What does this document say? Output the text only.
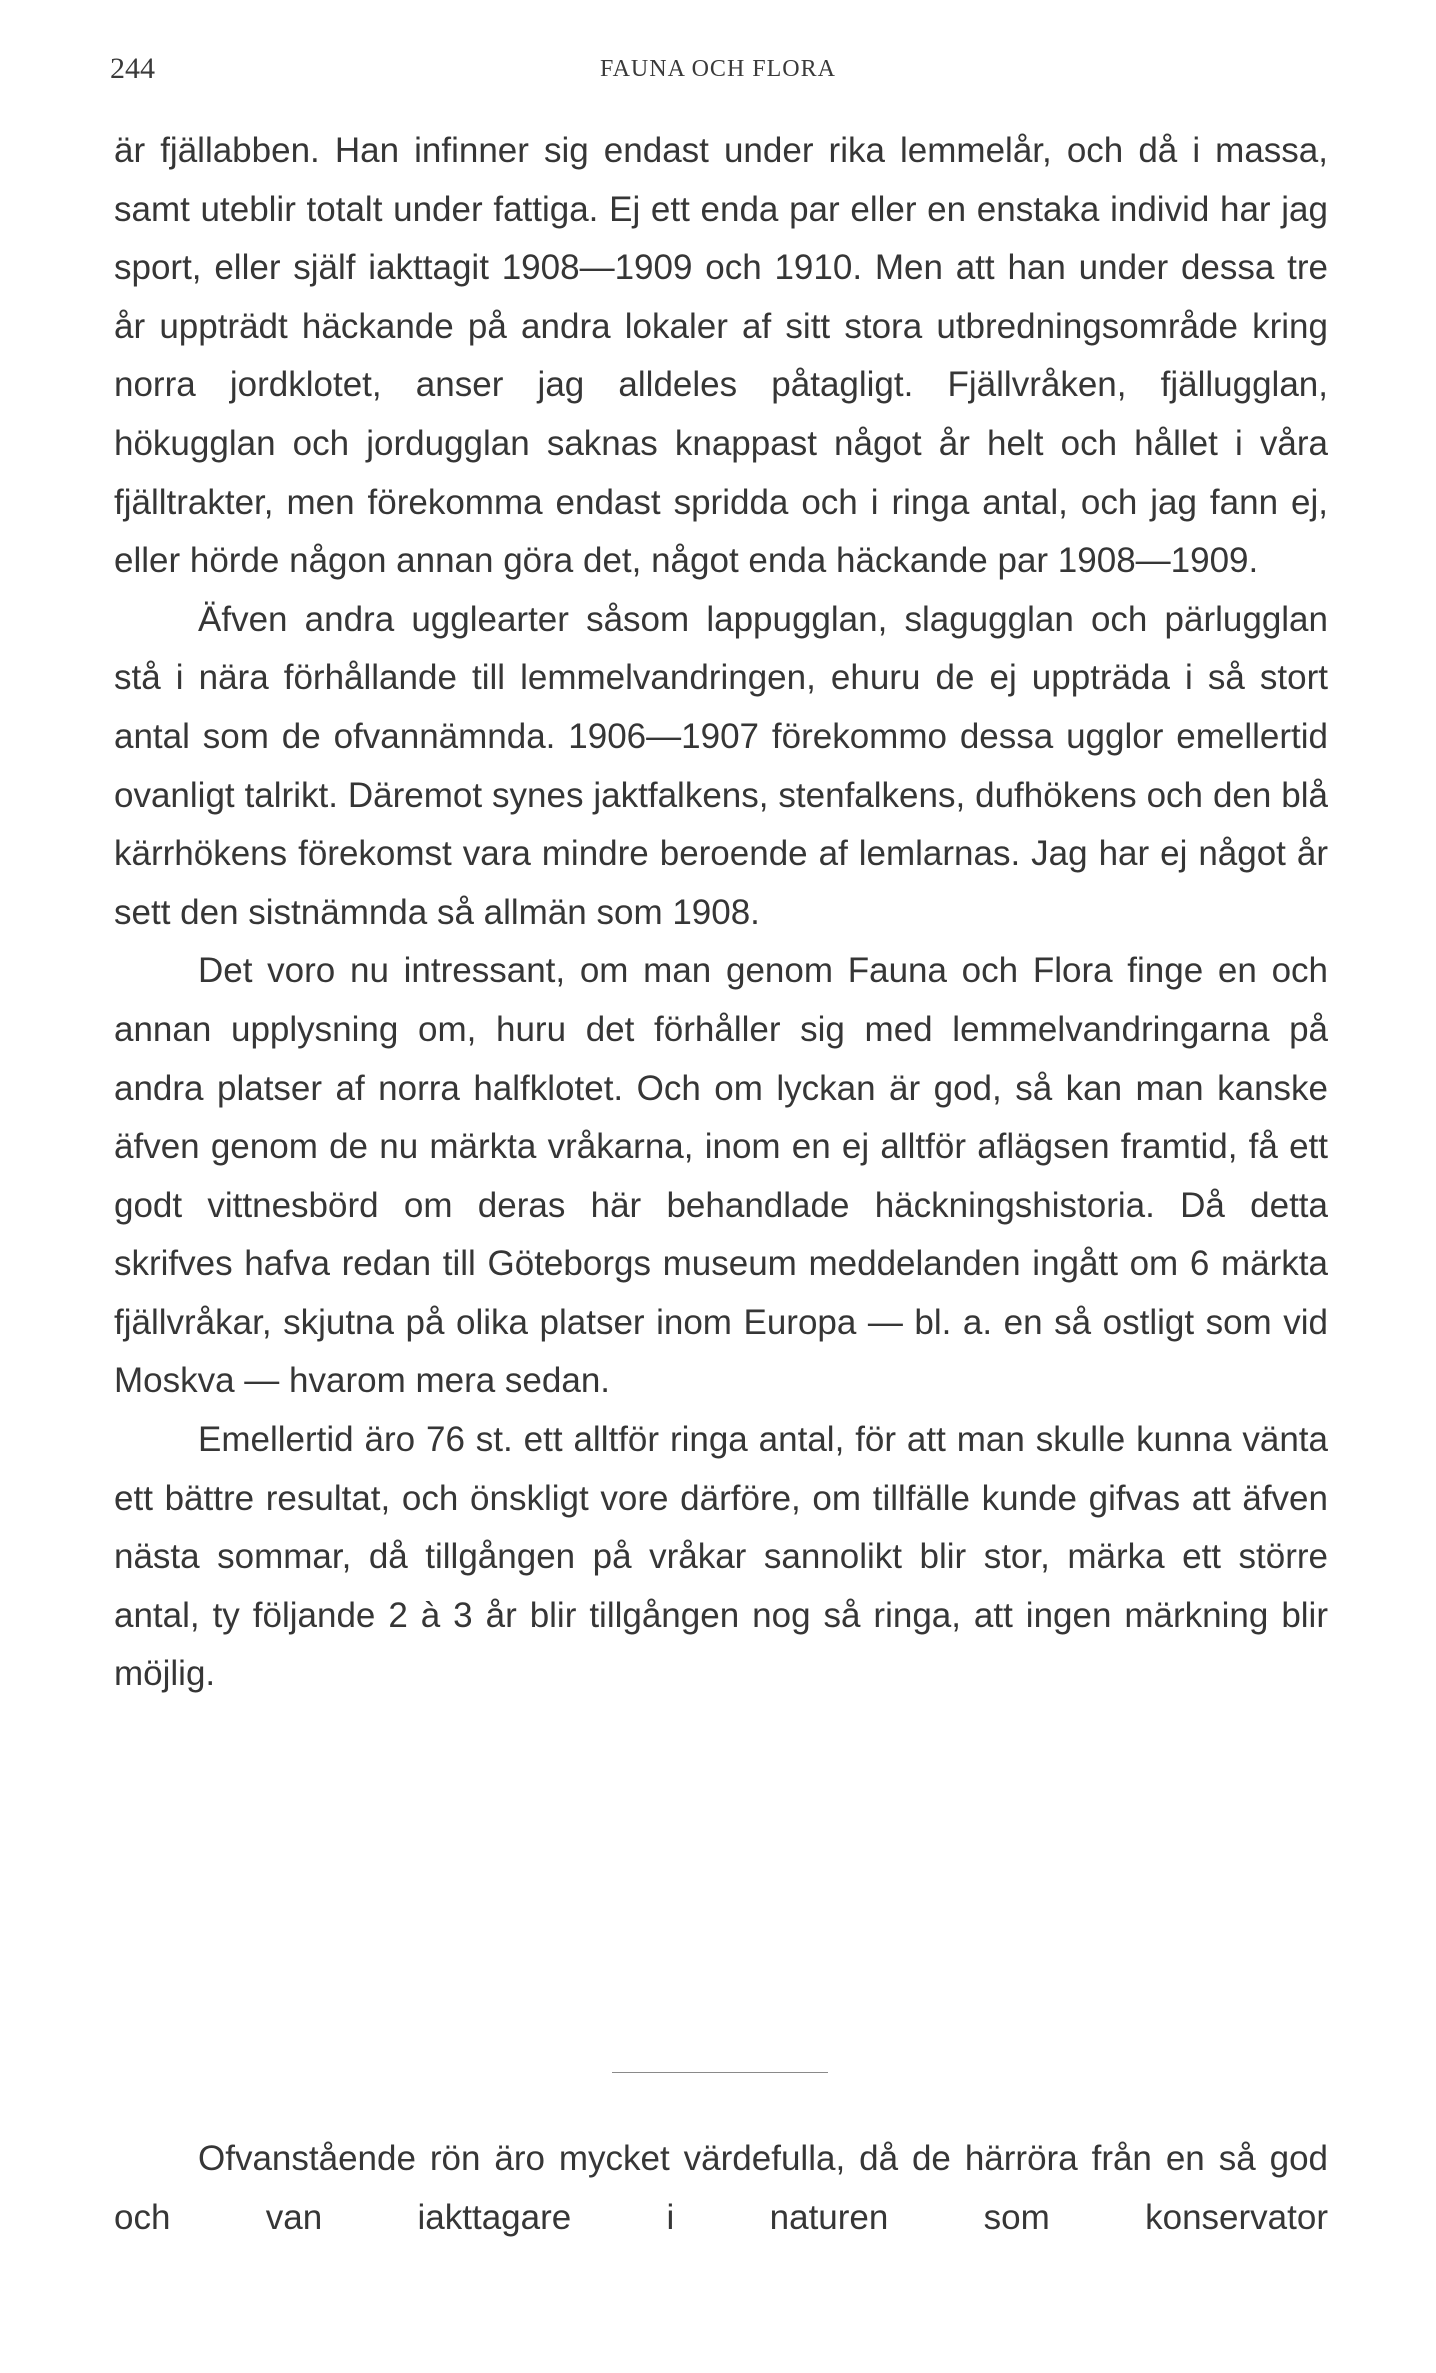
244	FAUNA OCH FLORA

är fjällabben. Han infinner sig endast under rika lemmelår, och då i massa, samt uteblir totalt under fattiga. Ej ett enda par eller en enstaka individ har jag sport, eller själf iakttagit 1908—1909 och 1910. Men att han under dessa tre år uppträdt häckande på andra lokaler af sitt stora utbredningsområde kring norra jordklotet, anser jag alldeles påtagligt. Fjällvråken, fjällugglan, hökugglan och jordugglan saknas knappast något år helt och hållet i våra fjälltrakter, men förekomma endast spridda och i ringa antal, och jag fann ej, eller hörde någon annan göra det, något enda häckande par 1908—1909.

Äfven andra ugglearter såsom lappugglan, slagugglan och pärlugglan stå i nära förhållande till lemmelvandringen, ehuru de ej uppträda i så stort antal som de ofvannämnda. 1906—1907 förekommo dessa ugglor emellertid ovanligt talrikt. Däremot synes jaktfalkens, stenfalkens, dufhökens och den blå kärrhökens förekomst vara mindre beroende af lemlarnas. Jag har ej något år sett den sistnämnda så allmän som 1908.

Det voro nu intressant, om man genom Fauna och Flora finge en och annan upplysning om, huru det förhåller sig med lemmelvandringarna på andra platser af norra halfklotet. Och om lyckan är god, så kan man kanske äfven genom de nu märkta vråkarna, inom en ej alltför aflägsen framtid, få ett godt vittnesbörd om deras här behandlade häckningshistoria. Då detta skrifves hafva redan till Göteborgs museum meddelanden ingått om 6 märkta fjällvråkar, skjutna på olika platser inom Europa — bl. a. en så ostligt som vid Moskva — hvarom mera sedan.

Emellertid äro 76 st. ett alltför ringa antal, för att man skulle kunna vänta ett bättre resultat, och önskligt vore därföre, om tillfälle kunde gifvas att äfven nästa sommar, då tillgången på vråkar sannolikt blir stor, märka ett större antal, ty följande 2 à 3 år blir tillgången nog så ringa, att ingen märkning blir möjlig.

Ofvanstående rön äro mycket värdefulla, då de härröra från en så god och van iakttagare i naturen som konservator
